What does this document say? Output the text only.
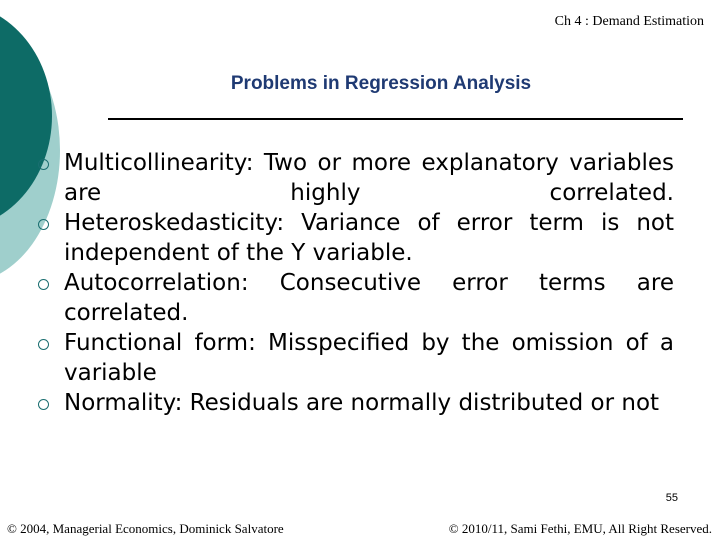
Ch 4 : Demand Estimation
Problems in Regression Analysis
Multicollinearity: Two or more explanatory variables are highly correlated.
Heteroskedasticity: Variance of error term is not independent of the Y variable.
Autocorrelation: Consecutive error terms are correlated.
Functional form: Misspecified by the omission of a variable
Normality: Residuals are normally distributed or not
55
© 2004, Managerial Economics, Dominick Salvatore	© 2010/11, Sami Fethi, EMU, All Right Reserved.
